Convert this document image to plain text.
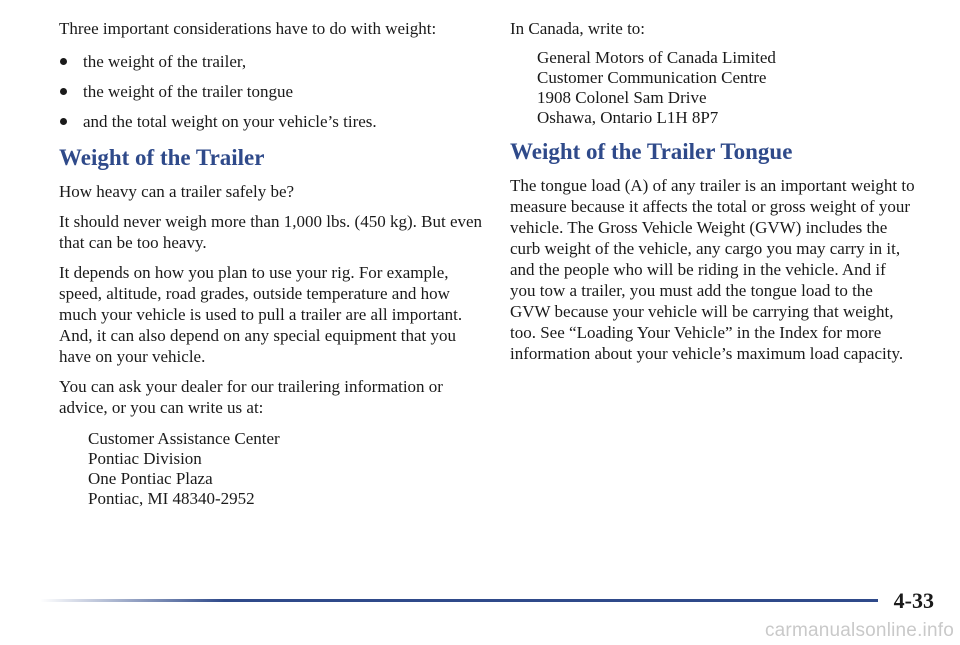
Three important considerations have to do with weight:

the weight of the trailer,
the weight of the trailer tongue
and the total weight on your vehicle’s tires.
Weight of the Trailer

How heavy can a trailer safely be?

It should never weigh more than 1,000 lbs. (450 kg). But even that can be too heavy.

It depends on how you plan to use your rig. For example, speed, altitude, road grades, outside temperature and how much your vehicle is used to pull a trailer are all important. And, it can also depend on any special equipment that you have on your vehicle.

You can ask your dealer for our trailering information or advice, or you can write us at:

Customer Assistance Center
Pontiac Division
One Pontiac Plaza
Pontiac, MI 48340-2952

In Canada, write to:

General Motors of Canada Limited
Customer Communication Centre
1908 Colonel Sam Drive
Oshawa, Ontario L1H 8P7
Weight of the Trailer Tongue

The tongue load (A) of any trailer is an important weight to measure because it affects the total or gross weight of your vehicle. The Gross Vehicle Weight (GVW) includes the curb weight of the vehicle, any cargo you may carry in it, and the people who will be riding in the vehicle. And if you tow a trailer, you must add the tongue load to the GVW because your vehicle will be carrying that weight, too. See “Loading Your Vehicle” in the Index for more information about your vehicle’s maximum load capacity.

4-33
carmanualsonline.info
